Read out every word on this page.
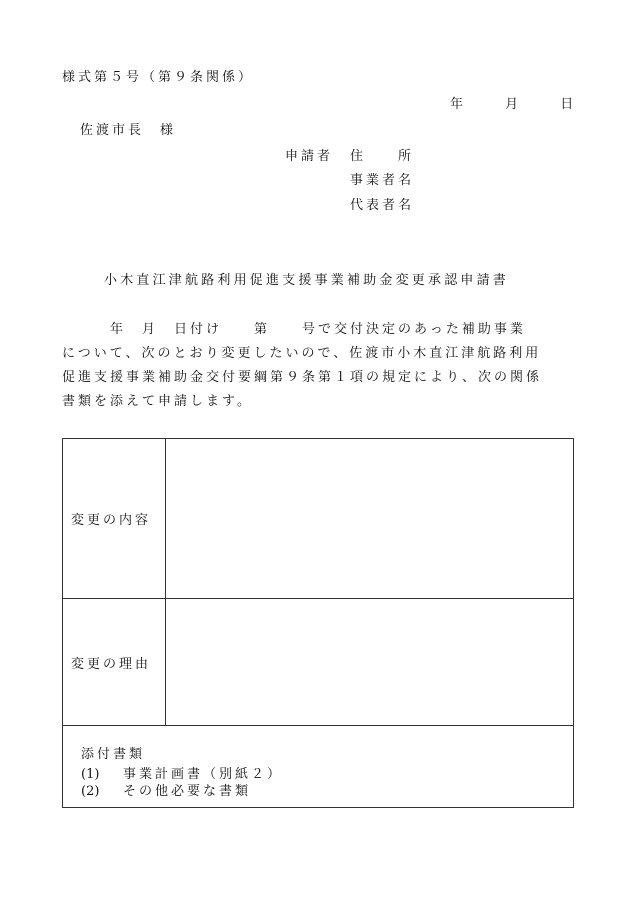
様式第５号（第９条関係）
年	月	日
佐渡市長　様
申請者 住　　所
事業者名
代表者名
小木直江津航路利用促進支援事業補助金変更承認申請書
　　　年　月　日付け　　第　　号で交付決定のあった補助事業
について、次のとおり変更したいので、佐渡市小木直江津航路利用
促進支援事業補助金交付要綱第９条第１項の規定により、次の関係
書類を添えて申請します。
変更の内容
変更の理由
添付書類
(1) 事業計画書（別紙２）
(2) その他必要な書類
